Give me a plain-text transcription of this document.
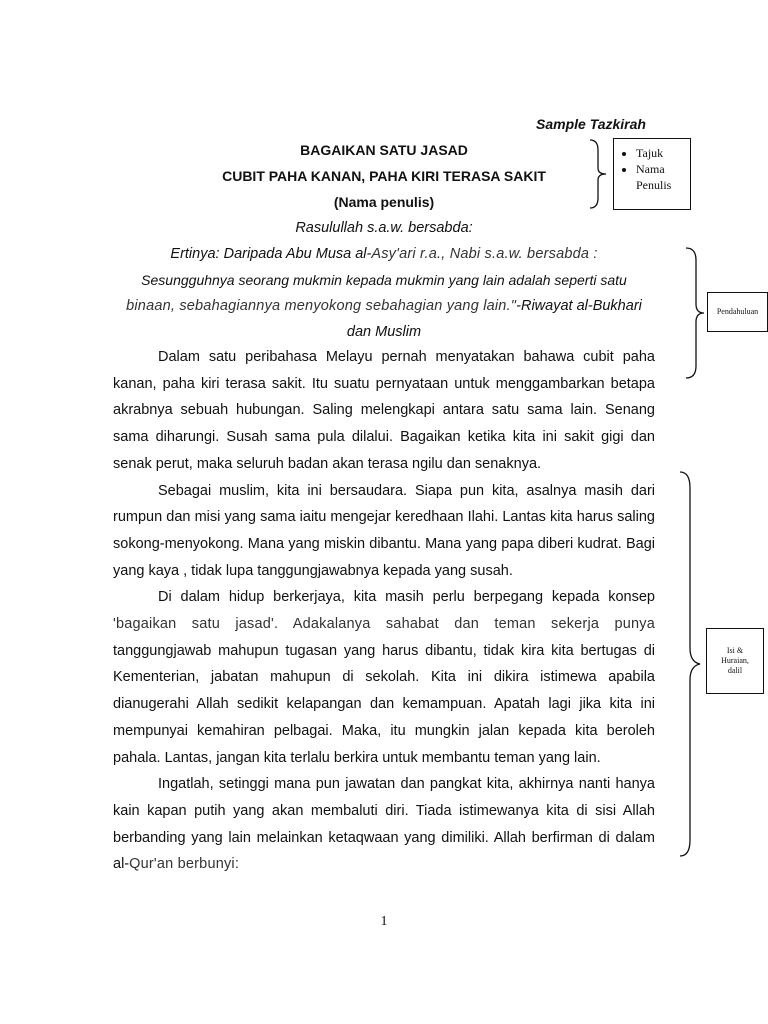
Sample Tazkirah
BAGAIKAN SATU JASAD
CUBIT PAHA KANAN, PAHA KIRI TERASA SAKIT
(Nama penulis)
Rasulullah s.a.w. bersabda:
Ertinya: Daripada Abu Musa al-Asy'ari r.a., Nabi s.a.w. bersabda :
Sesungguhnya seorang mukmin kepada mukmin yang lain adalah seperti satu
binaan, sebahagiannya menyokong sebahagian yang lain."-Riwayat al-Bukhari
dan Muslim

Dalam satu peribahasa Melayu pernah menyatakan bahawa cubit paha kanan, paha kiri terasa sakit. Itu suatu pernyataan untuk menggambarkan betapa akrabnya sebuah hubungan. Saling melengkapi antara satu sama lain. Senang sama diharungi. Susah sama pula dilalui. Bagaikan ketika kita ini sakit gigi dan senak perut, maka seluruh badan akan terasa ngilu dan senaknya.

Sebagai muslim, kita ini bersaudara. Siapa pun kita, asalnya masih dari rumpun dan misi yang sama iaitu mengejar keredhaan Ilahi. Lantas kita harus saling sokong-menyokong. Mana yang miskin dibantu. Mana yang papa diberi kudrat. Bagi yang kaya , tidak lupa tanggungjawabnya kepada yang susah.

Di dalam hidup berkerjaya, kita masih perlu berpegang kepada konsep 'bagaikan satu jasad'. Adakalanya sahabat dan teman sekerja punya tanggungjawab mahupun tugasan yang harus dibantu, tidak kira kita bertugas di Kementerian, jabatan mahupun di sekolah. Kita ini dikira istimewa apabila dianugerahi Allah sedikit kelapangan dan kemampuan. Apatah lagi jika kita ini mempunyai kemahiran pelbagai. Maka, itu mungkin jalan kepada kita beroleh pahala. Lantas, jangan kita terlalu berkira untuk membantu teman yang lain.

Ingatlah, setinggi mana pun jawatan dan pangkat kita, akhirnya nanti hanya kain kapan putih yang akan membaluti diri. Tiada istimewanya kita di sisi Allah berbanding yang lain melainkan ketaqwaan yang dimiliki. Allah berfirman di dalam al-Qur'an berbunyi:

• Tajuk
• Nama Penulis
Pendahuluan
Isi & Huraian, dalil
1
